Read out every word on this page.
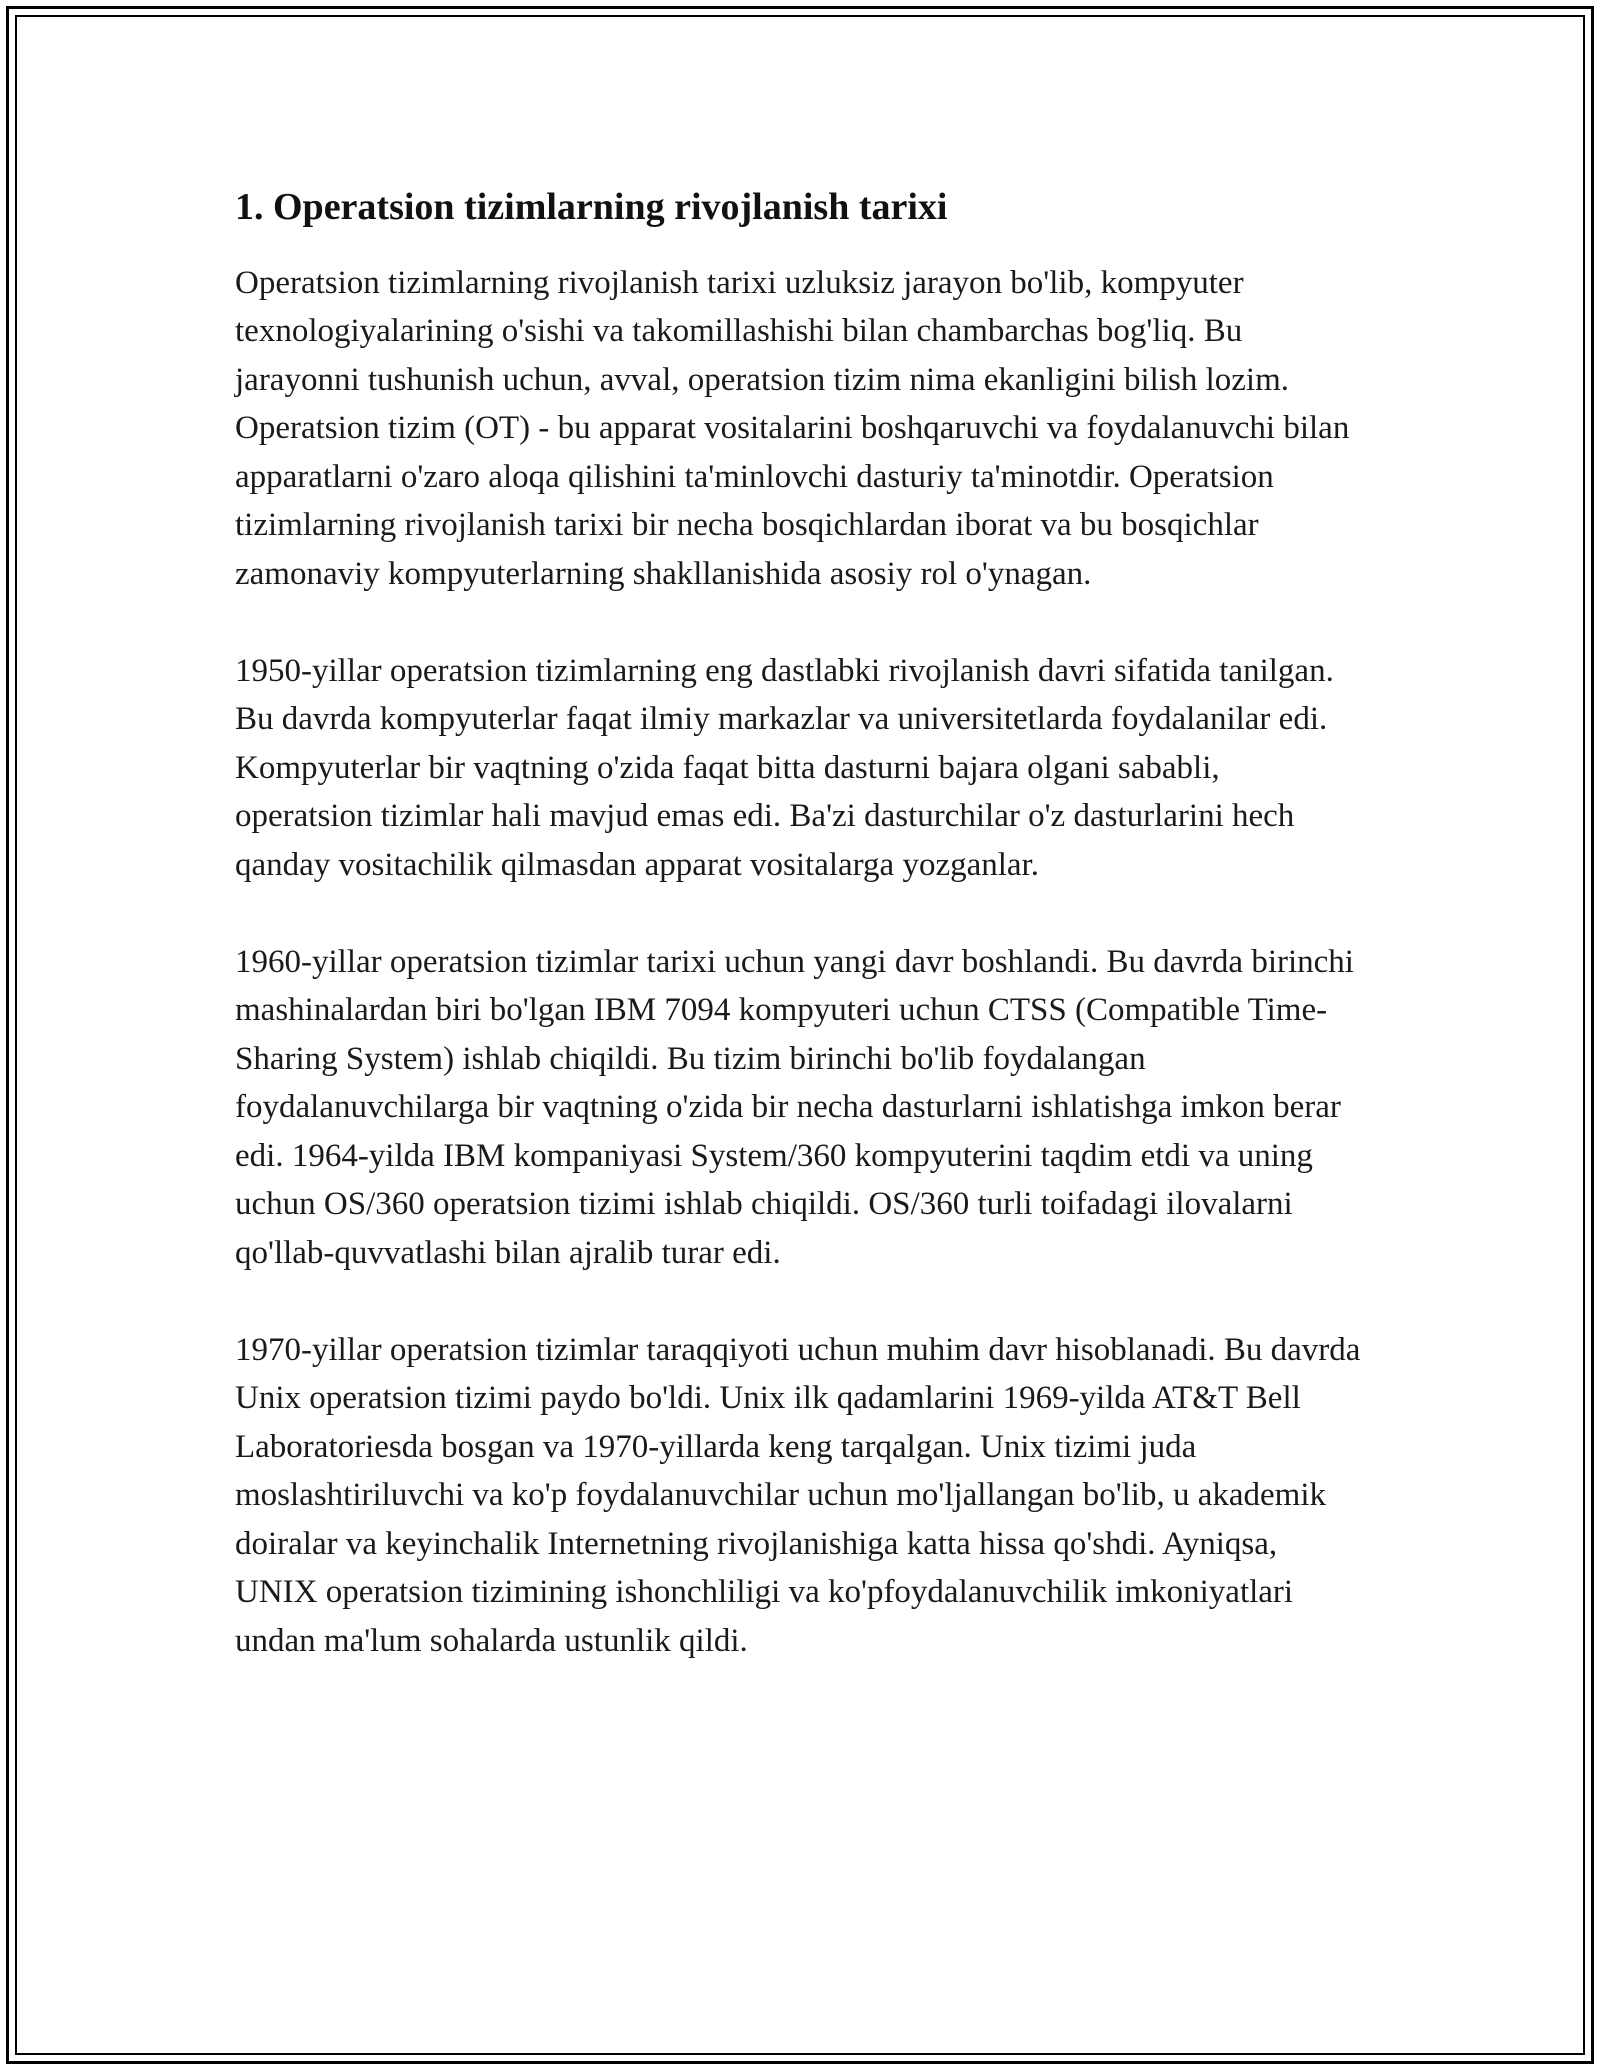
1. Operatsion tizimlarning rivojlanish tarixi

Operatsion tizimlarning rivojlanish tarixi uzluksiz jarayon bo'lib, kompyuter texnologiyalarining o'sishi va takomillashishi bilan chambarchas bog'liq. Bu jarayonni tushunish uchun, avval, operatsion tizim nima ekanligini bilish lozim. Operatsion tizim (OT) - bu apparat vositalarini boshqaruvchi va foydalanuvchi bilan apparatlarni o'zaro aloqa qilishini ta'minlovchi dasturiy ta'minotdir. Operatsion tizimlarning rivojlanish tarixi bir necha bosqichlardan iborat va bu bosqichlar zamonaviy kompyuterlarning shakllanishida asosiy rol o'ynagan.

1950-yillar operatsion tizimlarning eng dastlabki rivojlanish davri sifatida tanilgan. Bu davrda kompyuterlar faqat ilmiy markazlar va universitetlarda foydalanilar edi. Kompyuterlar bir vaqtning o'zida faqat bitta dasturni bajara olgani sababli, operatsion tizimlar hali mavjud emas edi. Ba'zi dasturchilar o'z dasturlarini hech qanday vositachilik qilmasdan apparat vositalarga yozganlar.

1960-yillar operatsion tizimlar tarixi uchun yangi davr boshlandi. Bu davrda birinchi mashinalardan biri bo'lgan IBM 7094 kompyuteri uchun CTSS (Compatible Time-Sharing System) ishlab chiqildi. Bu tizim birinchi bo'lib foydalangan foydalanuvchilarga bir vaqtning o'zida bir necha dasturlarni ishlatishga imkon berar edi. 1964-yilda IBM kompaniyasi System/360 kompyuterini taqdim etdi va uning uchun OS/360 operatsion tizimi ishlab chiqildi. OS/360 turli toifadagi ilovalarni qo'llab-quvvatlashi bilan ajralib turar edi.

1970-yillar operatsion tizimlar taraqqiyoti uchun muhim davr hisoblanadi. Bu davrda Unix operatsion tizimi paydo bo'ldi. Unix ilk qadamlarini 1969-yilda AT&T Bell Laboratoriesda bosgan va 1970-yillarda keng tarqalgan. Unix tizimi juda moslashtiriluvchi va ko'p foydalanuvchilar uchun mo'ljallangan bo'lib, u akademik doiralar va keyinchalik Internetning rivojlanishiga katta hissa qo'shdi. Ayniqsa, UNIX operatsion tizimining ishonchliligi va ko'pfoydalanuvchilik imkoniyatlari undan ma'lum sohalarda ustunlik qildi.
